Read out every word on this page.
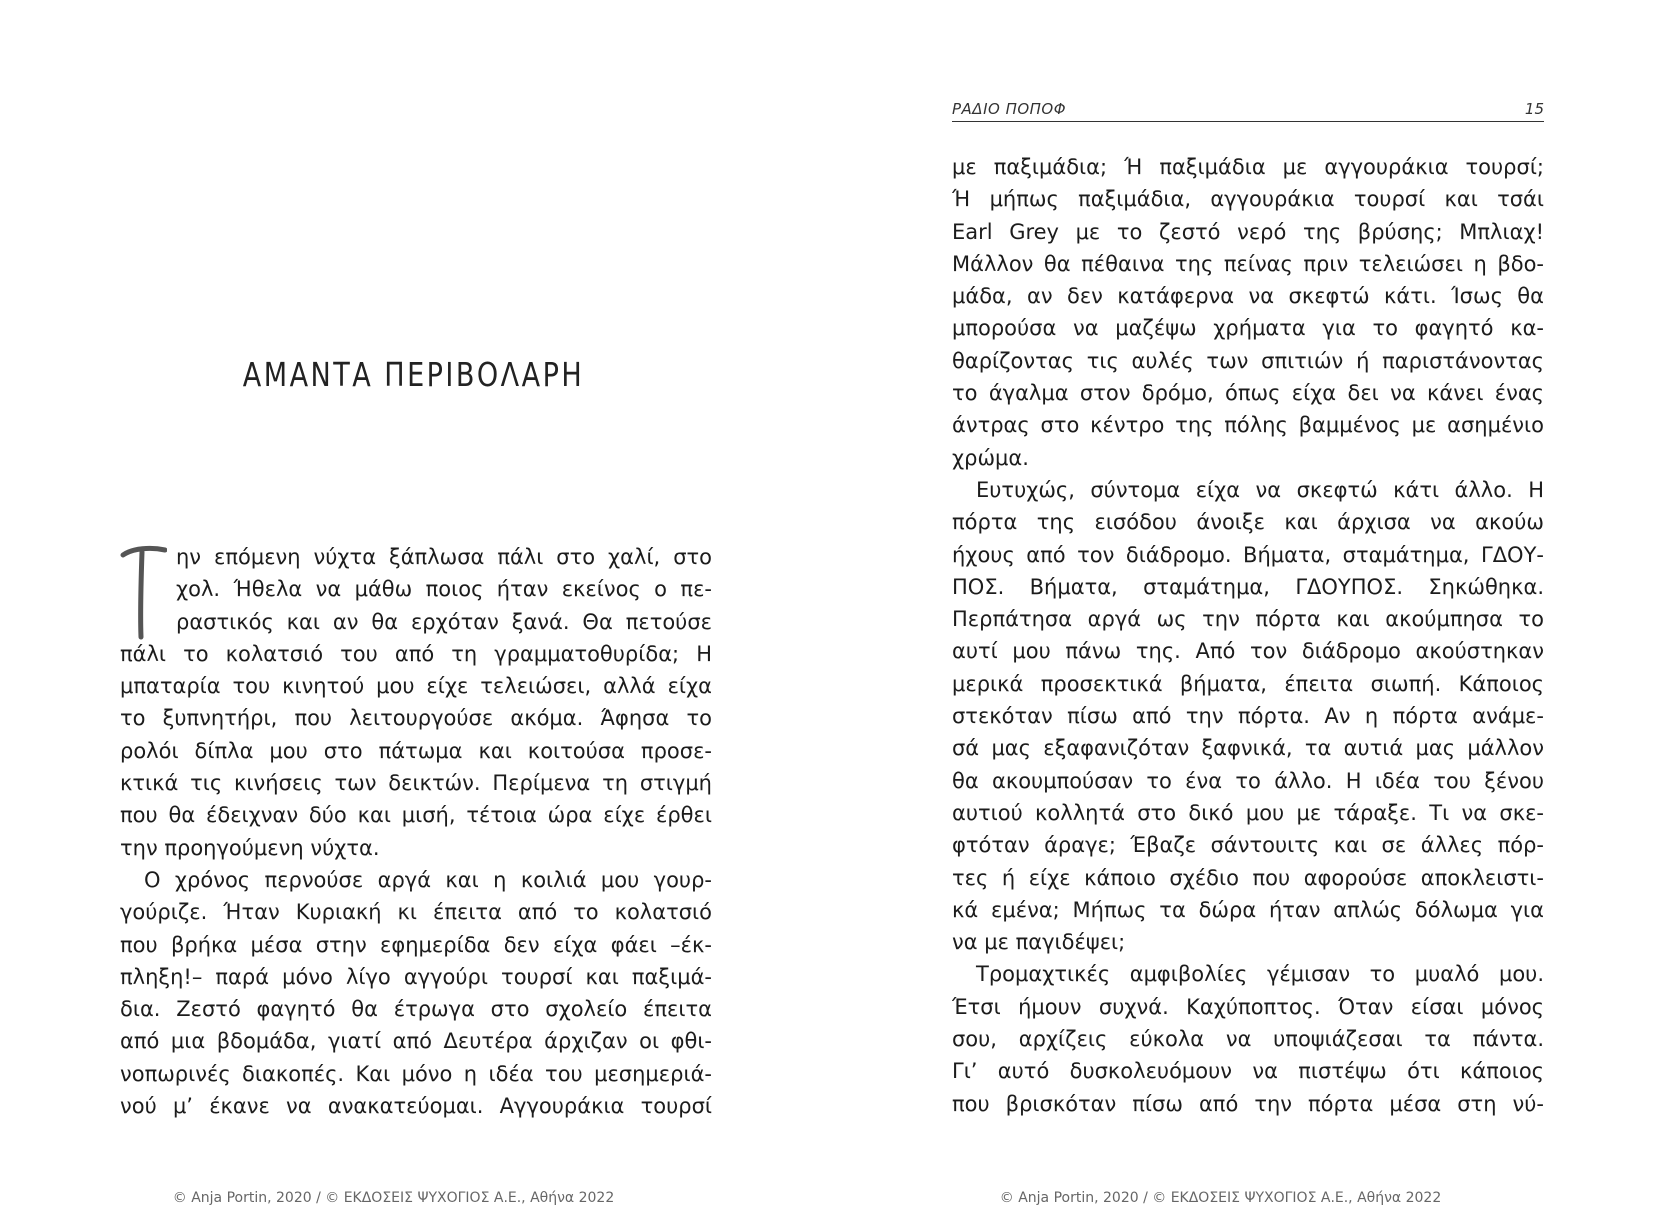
ΑΜΑΝΤΑ ΠΕΡΙΒΟΛΑΡΗ
ην επόμενη νύχτα ξάπλωσα πάλι στο χαλί, στο
χολ. Ήθελα να μάθω ποιος ήταν εκείνος ο πε-
ραστικός και αν θα ερχόταν ξανά. Θα πετούσε
πάλι το κολατσιό του από τη γραμματοθυρίδα; Η
μπαταρία του κινητού μου είχε τελειώσει, αλλά είχα
το ξυπνητήρι, που λειτουργούσε ακόμα. Άφησα το
ρολόι δίπλα μου στο πάτωμα και κοιτούσα προσε-
κτικά τις κινήσεις των δεικτών. Περίμενα τη στιγμή
που θα έδειχναν δύο και μισή, τέτοια ώρα είχε έρθει
την προηγούμενη νύχτα.
Ο χρόνος περνούσε αργά και η κοιλιά μου γουρ-
γούριζε. Ήταν Κυριακή κι έπειτα από το κολατσιό
που βρήκα μέσα στην εφημερίδα δεν είχα φάει –έκ-
πληξη!– παρά μόνο λίγο αγγούρι τουρσί και παξιμά-
δια. Ζεστό φαγητό θα έτρωγα στο σχολείο έπειτα
από μια βδομάδα, γιατί από Δευτέρα άρχιζαν οι φθι-
νοπωρινές διακοπές. Και μόνο η ιδέα του μεσημεριά-
νού μ’ έκανε να ανακατεύομαι. Αγγουράκια τουρσί
© Anja Portin, 2020 / © ΕΚΔΟΣΕΙΣ ΨΥΧΟΓΙΟΣ Α.Ε., Αθήνα 2022
ΡΑΔΙΟ ΠΟΠΟΦ	15
με παξιμάδια; Ή παξιμάδια με αγγουράκια τουρσί;
Ή μήπως παξιμάδια, αγγουράκια τουρσί και τσάι
Earl Grey με το ζεστό νερό της βρύσης; Μπλιαχ!
Μάλλον θα πέθαινα της πείνας πριν τελειώσει η βδο-
μάδα, αν δεν κατάφερνα να σκεφτώ κάτι. Ίσως θα
μπορούσα να μαζέψω χρήματα για το φαγητό κα-
θαρίζοντας τις αυλές των σπιτιών ή παριστάνοντας
το άγαλμα στον δρόμο, όπως είχα δει να κάνει ένας
άντρας στο κέντρο της πόλης βαμμένος με ασημένιο
χρώμα.
Ευτυχώς, σύντομα είχα να σκεφτώ κάτι άλλο. Η
πόρτα της εισόδου άνοιξε και άρχισα να ακούω
ήχους από τον διάδρομο. Βήματα, σταμάτημα, ΓΔΟΥ-
ΠΟΣ. Βήματα, σταμάτημα, ΓΔΟΥΠΟΣ. Σηκώθηκα.
Περπάτησα αργά ως την πόρτα και ακούμπησα το
αυτί μου πάνω της. Από τον διάδρομο ακούστηκαν
μερικά προσεκτικά βήματα, έπειτα σιωπή. Κάποιος
στεκόταν πίσω από την πόρτα. Αν η πόρτα ανάμε-
σά μας εξαφανιζόταν ξαφνικά, τα αυτιά μας μάλλον
θα ακουμπούσαν το ένα το άλλο. Η ιδέα του ξένου
αυτιού κολλητά στο δικό μου με τάραξε. Τι να σκε-
φτόταν άραγε; Έβαζε σάντουιτς και σε άλλες πόρ-
τες ή είχε κάποιο σχέδιο που αφορούσε αποκλειστι-
κά εμένα; Μήπως τα δώρα ήταν απλώς δόλωμα για
να με παγιδέψει;
Τρομαχτικές αμφιβολίες γέμισαν το μυαλό μου.
Έτσι ήμουν συχνά. Καχύποπτος. Όταν είσαι μόνος
σου, αρχίζεις εύκολα να υποψιάζεσαι τα πάντα.
Γι’ αυτό δυσκολευόμουν να πιστέψω ότι κάποιος
που βρισκόταν πίσω από την πόρτα μέσα στη νύ-
© Anja Portin, 2020 / © ΕΚΔΟΣΕΙΣ ΨΥΧΟΓΙΟΣ Α.Ε., Αθήνα 2022
